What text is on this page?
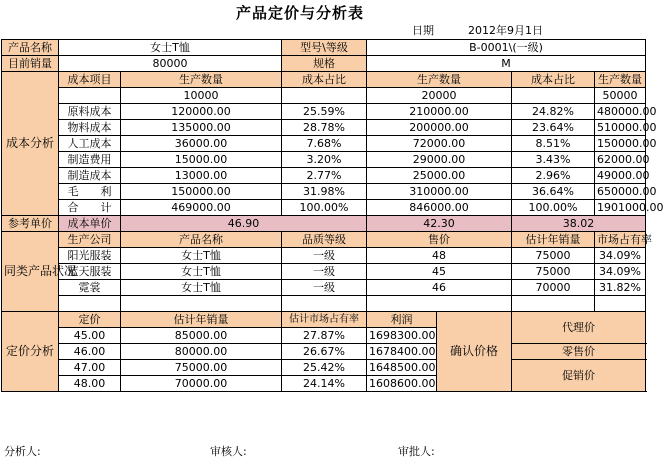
产品定价与分析表
日期	2012年9月1日
产品名称	女士T恤		型号\等级	B-0001\(一级)				
目前销量	80000		规格	M				
成本分析	成本项目	生产数量	成本占比	生产数量		成本占比	生产数量	
		10000		20000			50000	
	原料成本	120000.00	25.59%	210000.00		24.82%	480000.00	
	物料成本	135000.00	28.78%	200000.00		23.64%	510000.00	
	人工成本	36000.00	7.68%	72000.00		8.51%	150000.00	
	制造费用	15000.00	3.20%	29000.00		3.43%	62000.00	
	制造成本	13000.00	2.77%	25000.00		2.96%	49000.00	
	毛　　利	150000.00	31.98%	310000.00		36.64%	650000.00	
	合　　计	469000.00	100.00%	846000.00		100.00%	1901000.00	
参考单价	成本单价	46.90		42.30		38.02		
同类产品状况	生产公司	产品名称	品质等级	售价		估计年销量	市场占有率	
	阳光服装	女士T恤	一级	48		75000	34.09%	
	蓝天服装	女士T恤	一级	45		75000	34.09%	
	霓裳	女士T恤	一级	46		70000	31.82%	

定价分析	定价	估计年销量	估计市场占有率	利润	确认价格	代理价		
	45.00	85000.00	27.87%	1698300.00				
	46.00	80000.00	26.67%	1678400.00		零售价		
	47.00	75000.00	25.42%	1648500.00		促销价		
	48.00	70000.00	24.14%	1608600.00				
分析人:	审核人:	审批人:
